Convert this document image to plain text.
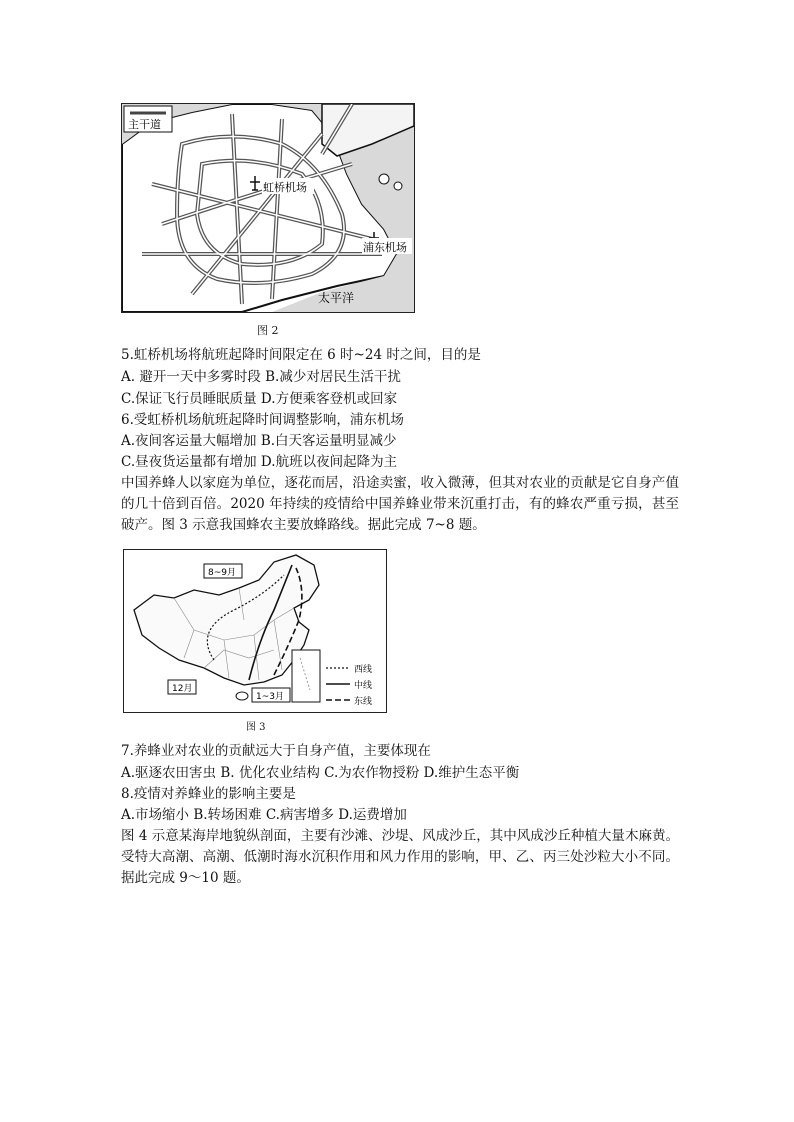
主干道
虹桥机场
浦东机场
太平洋
图 2
5.虹桥机场将航班起降时间限定在 6 时~24 时之间，目的是
A. 避开一天中多雾时段 B.减少对居民生活干扰
C.保证飞行员睡眠质量 D.方便乘客登机或回家
6.受虹桥机场航班起降时间调整影响，浦东机场
A.夜间客运量大幅增加 B.白天客运量明显减少
C.昼夜货运量都有增加 D.航班以夜间起降为主
中国养蜂人以家庭为单位，逐花而居，沿途卖蜜，收入微薄，但其对农业的贡献是它自身产值的几十倍到百倍。2020 年持续的疫情给中国养蜂业带来沉重打击，有的蜂农严重亏损，甚至破产。图 3 示意我国蜂农主要放蜂路线。据此完成 7~8 题。
8~9月
12月
1~3月
西线
中线
东线
图 3
7.养蜂业对农业的贡献远大于自身产值，主要体现在
A.驱逐农田害虫 B. 优化农业结构 C.为农作物授粉 D.维护生态平衡
8.疫情对养蜂业的影响主要是
A.市场缩小 B.转场困难 C.病害增多 D.运费增加
图 4 示意某海岸地貌纵剖面，主要有沙滩、沙堤、风成沙丘，其中风成沙丘种植大量木麻黄。受特大高潮、高潮、低潮时海水沉积作用和风力作用的影响，甲、乙、丙三处沙粒大小不同。据此完成 9～10 题。
